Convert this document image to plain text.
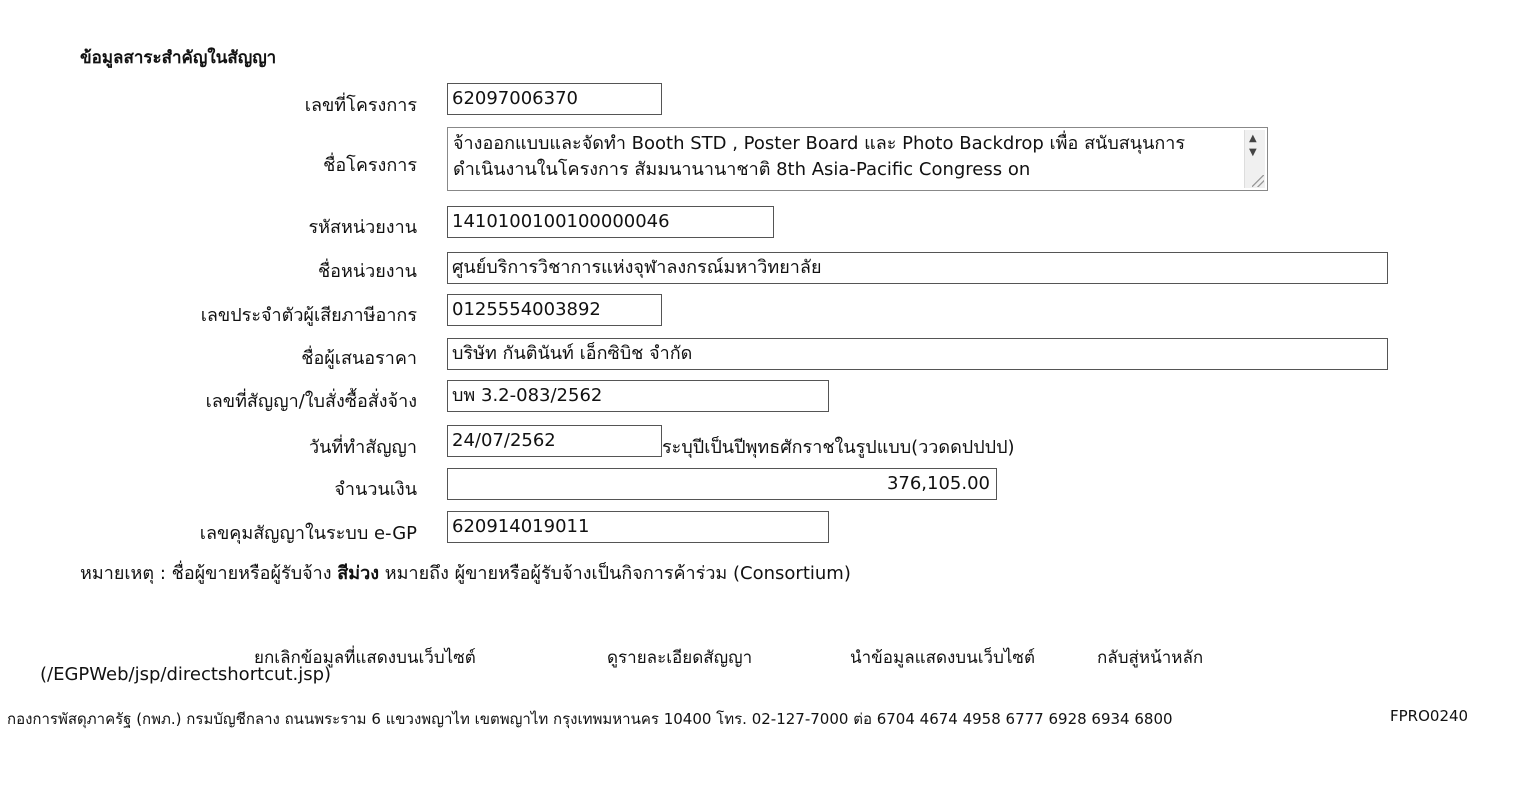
ข้อมูลสาระสำคัญในสัญญา
เลขที่โครงการ 62097006370
ชื่อโครงการ
จ้างออกแบบและจัดทำ Booth STD , Poster Board และ Photo Backdrop เพื่อ สนับสนุนการดำเนินงานในโครงการ สัมมนานานาชาติ 8th Asia-Pacific Congress on
▲
▼
รหัสหน่วยงาน 1410100100100000046
ชื่อหน่วยงาน ศูนย์บริการวิชาการแห่งจุฬาลงกรณ์มหาวิทยาลัย
เลขประจำตัวผู้เสียภาษีอากร 0125554003892
ชื่อผู้เสนอราคา บริษัท กันตินันท์ เอ็กซิบิช จำกัด
เลขที่สัญญา/ใบสั่งซื้อสั่งจ้าง บพ 3.2-083/2562
วันที่ทำสัญญา 24/07/2562	ระบุปีเป็นปีพุทธศักราชในรูปแบบ(ววดดปปปป)
จำนวนเงิน	376,105.00
เลขคุมสัญญาในระบบ e-GP 620914019011
หมายเหตุ : ชื่อผู้ขายหรือผู้รับจ้าง สีม่วง หมายถึง ผู้ขายหรือผู้รับจ้างเป็นกิจการค้าร่วม (Consortium)
ยกเลิกข้อมูลที่แสดงบนเว็บไซต์	ดูรายละเอียดสัญญา	นำข้อมูลแสดงบนเว็บไซต์	กลับสู่หน้าหลัก
(/EGPWeb/jsp/directshortcut.jsp)
กองการพัสดุภาครัฐ (กพภ.) กรมบัญชีกลาง ถนนพระราม 6 แขวงพญาไท เขตพญาไท กรุงเทพมหานคร 10400 โทร. 02-127-7000 ต่อ 6704 4674 4958 6777 6928 6934 6800	FPRO0240
